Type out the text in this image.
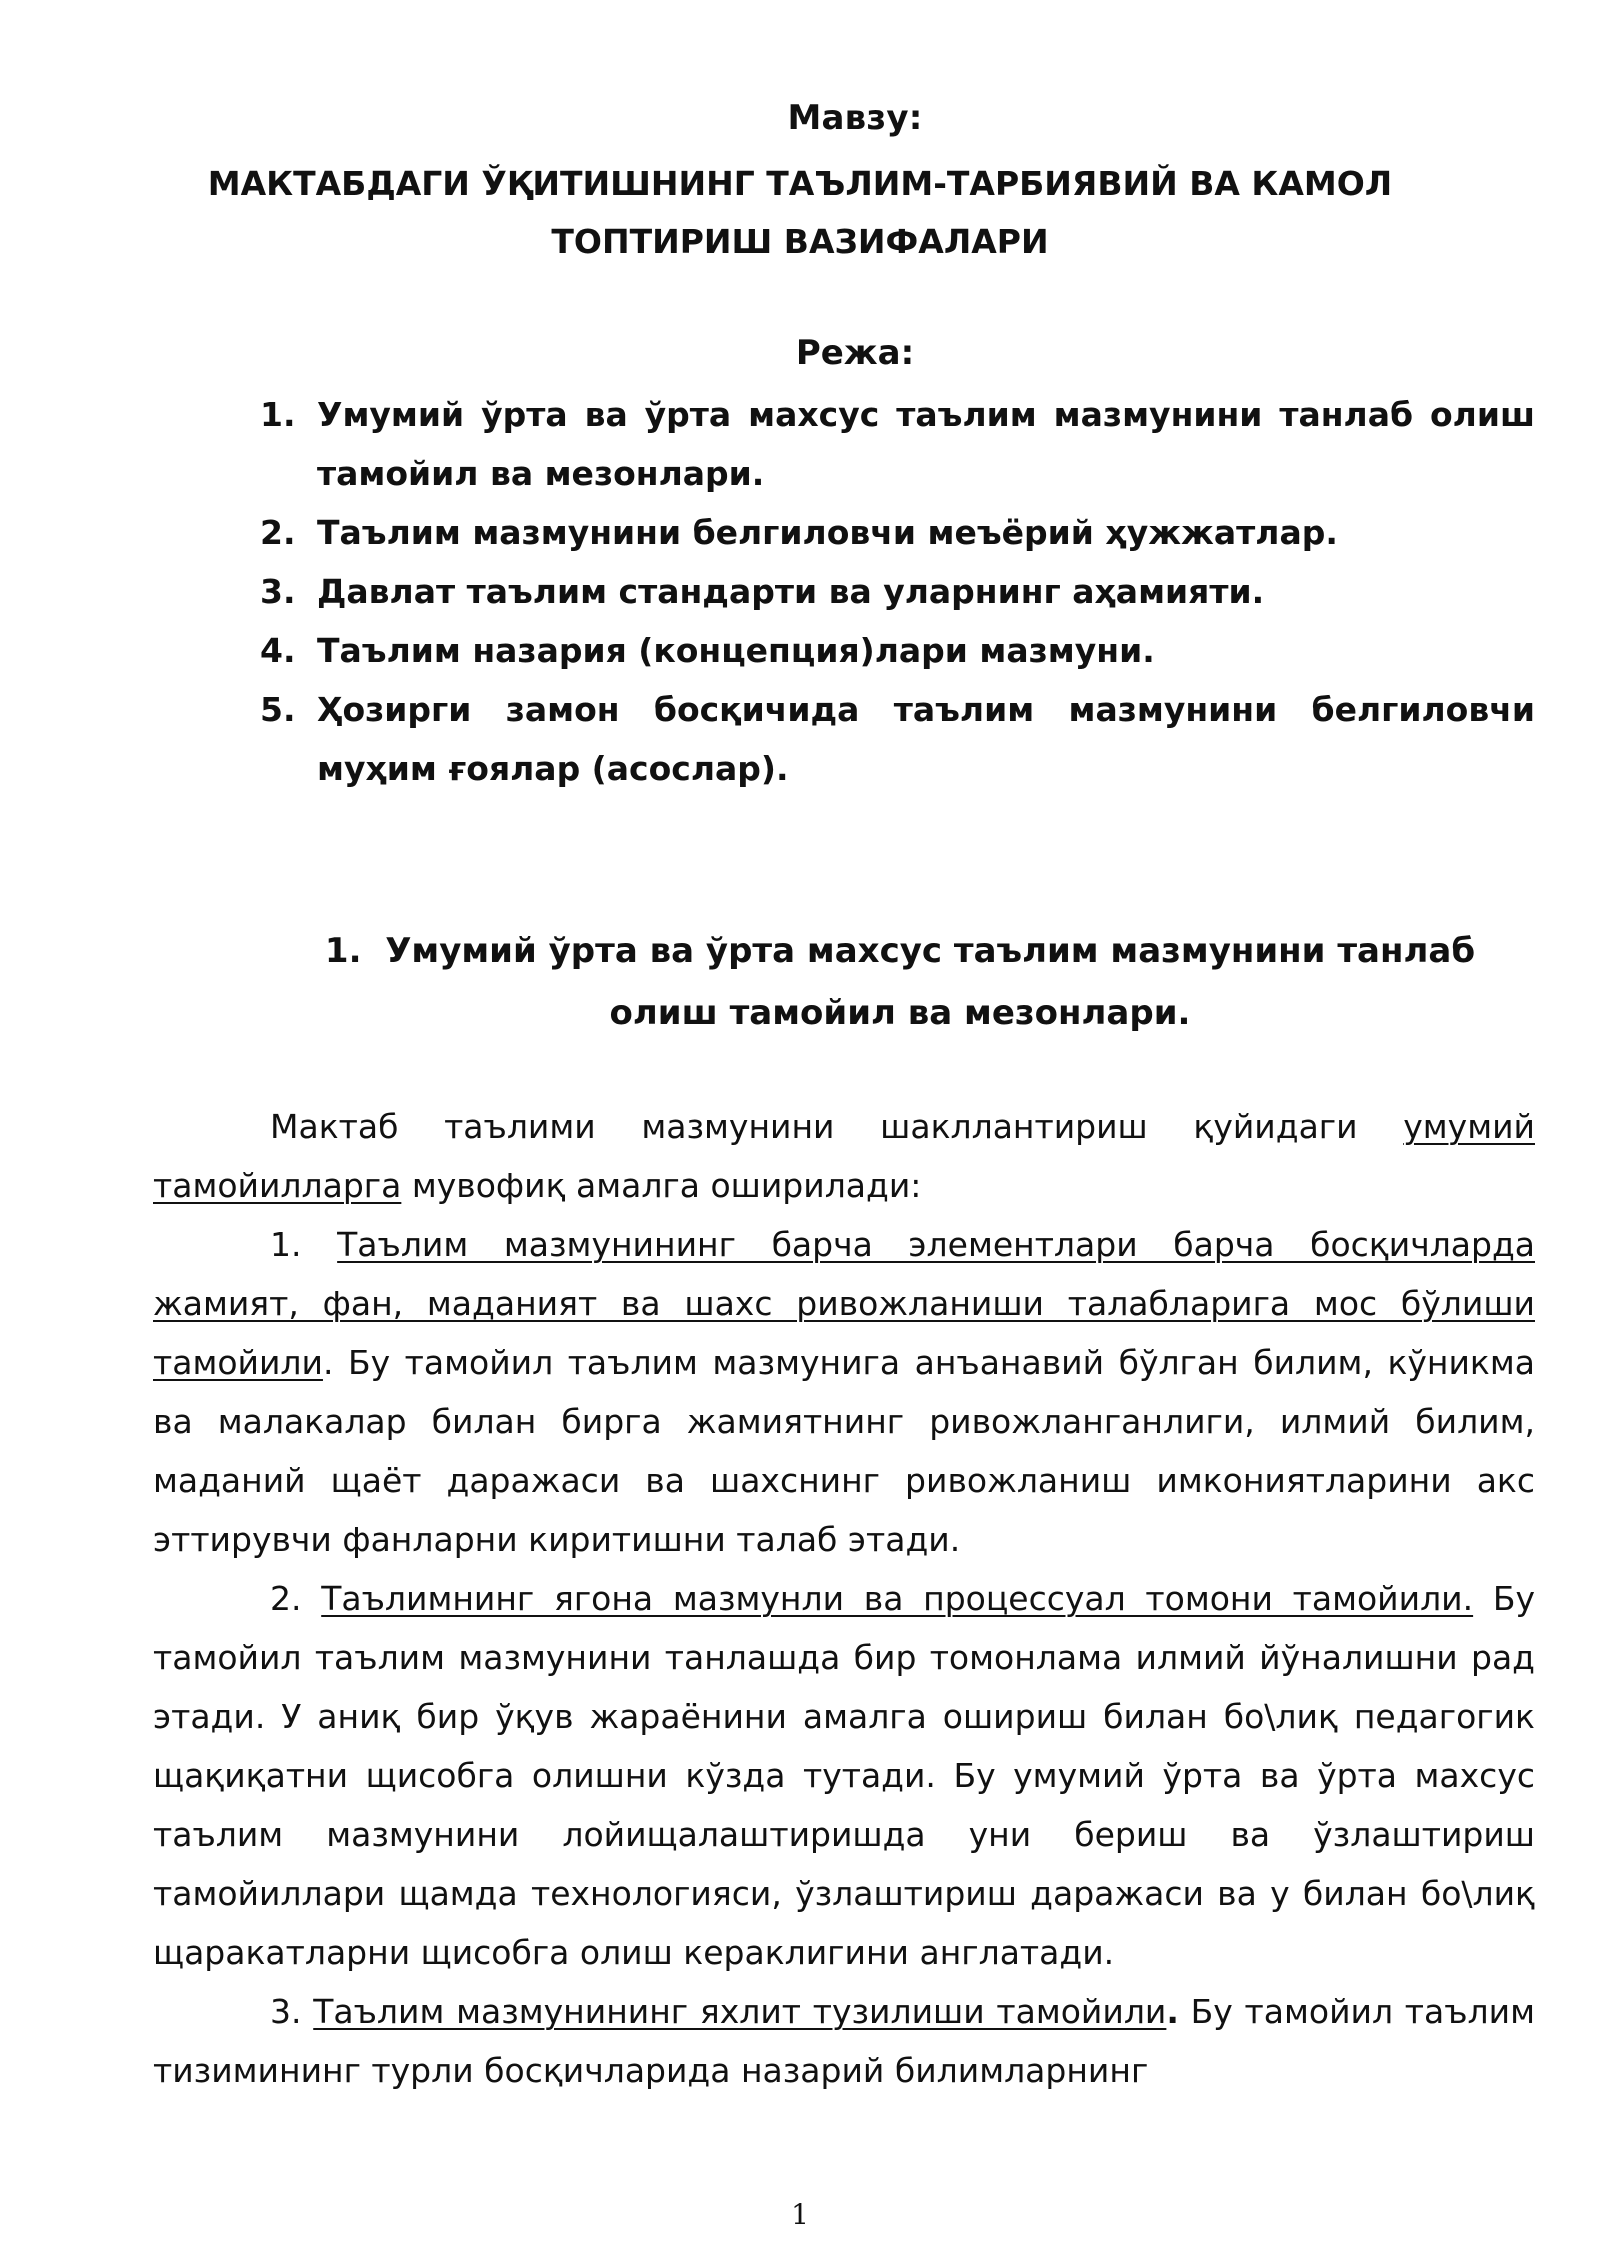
Мавзу:
МАКТАБДАГИ ЎҚИТИШНИНГ ТАЪЛИМ-ТАРБИЯВИЙ ВА КАМОЛ ТОПТИРИШ ВАЗИФАЛАРИ
Режа:
1. Умумий ўрта ва ўрта махсус таълим мазмунини танлаб олиш тамойил ва мезонлари.
2. Таълим мазмунини белгиловчи меъёрий ҳужжатлар.
3. Давлат таълим стандарти ва уларнинг аҳамияти.
4. Таълим назария (концепция)лари мазмуни.
5. Ҳозирги замон босқичида таълим мазмунини белгиловчи муҳим ғоялар (асослар).
1. Умумий ўрта ва ўрта махсус таълим мазмунини танлаб олиш тамойил ва мезонлари.

Мактаб таълими мазмунини шакллантириш қуйидаги умумий тамойилларга мувофиқ амалга оширилади:

1. Таълим мазмунининг барча элементлари барча босқичларда жамият, фан, маданият ва шахс ривожланиши талабларига мос бўлиши тамойили. Бу тамойил таълим мазмунига анъанавий бўлган билим, кўникма ва малакалар билан бирга жамиятнинг ривожланганлиги, илмий билим, маданий щаёт даражаси ва шахснинг ривожланиш имкониятларини акс эттирувчи фанларни киритишни талаб этади.

2. Таълимнинг ягона мазмунли ва процессуал томони тамойили. Бу тамойил таълим мазмунини танлашда бир томонлама илмий йўналишни рад этади. У аниқ бир ўқув жараёнини амалга ошириш билан бо\лиқ педагогик щақиқатни щисобга олишни кўзда тутади. Бу умумий ўрта ва ўрта махсус таълим мазмунини лойищалаштиришда уни бериш ва ўзлаштириш тамойиллари щамда технологияси, ўзлаштириш даражаси ва у билан бо\лиқ щаракатларни щисобга олиш кераклигини англатади.

3. Таълим мазмунининг яхлит тузилиши тамойили. Бу тамойил таълим тизимининг турли босқичларида назарий билимларнинг

1
